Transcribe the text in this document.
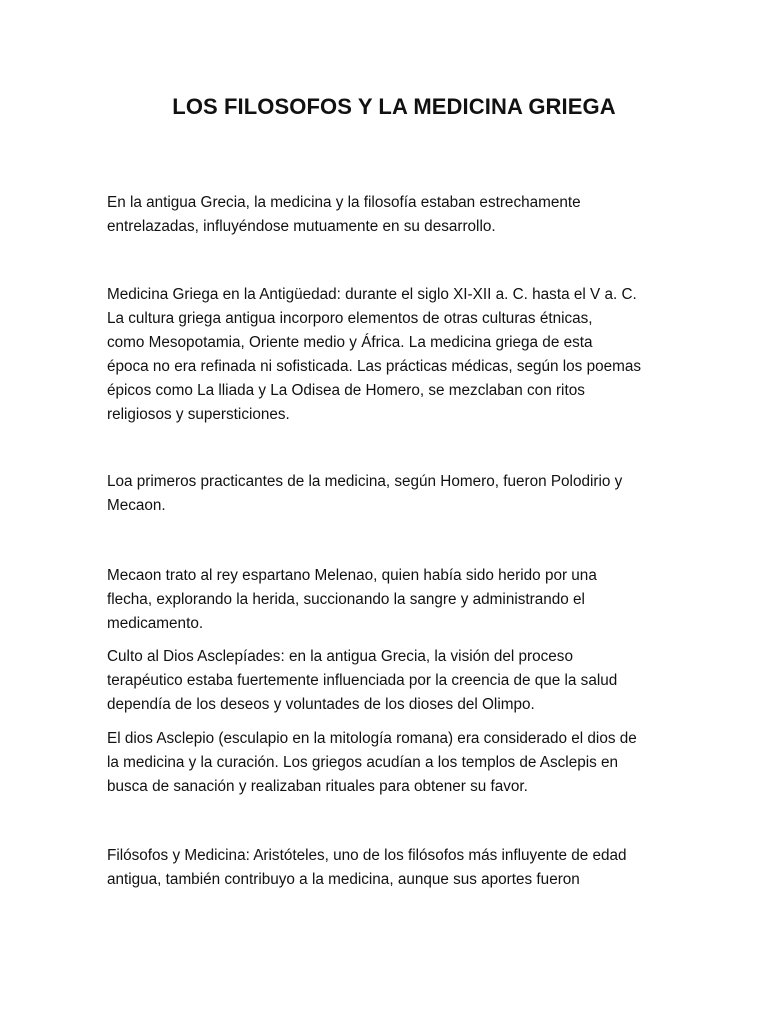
LOS FILOSOFOS Y LA MEDICINA GRIEGA

En la antigua Grecia, la medicina y la filosofía estaban estrechamente
entrelazadas, influyéndose mutuamente en su desarrollo.

Medicina Griega en la Antigüedad: durante el siglo XI-XII a. C. hasta el V a. C.
La cultura griega antigua incorporo elementos de otras culturas étnicas,
como Mesopotamia, Oriente medio y África. La medicina griega de esta
época no era refinada ni sofisticada. Las prácticas médicas, según los poemas
épicos como La lliada y La Odisea de Homero, se mezclaban con ritos
religiosos y supersticiones.

Loa primeros practicantes de la medicina, según Homero, fueron Polodirio y
Mecaon.

Mecaon trato al rey espartano Melenao, quien había sido herido por una
flecha, explorando la herida, succionando la sangre y administrando el
medicamento.

Culto al Dios Asclepíades: en la antigua Grecia, la visión del proceso
terapéutico estaba fuertemente influenciada por la creencia de que la salud
dependía de los deseos y voluntades de los dioses del Olimpo.

El dios Asclepio (esculapio en la mitología romana) era considerado el dios de
la medicina y la curación. Los griegos acudían a los templos de Asclepis en
busca de sanación y realizaban rituales para obtener su favor.

Filósofos y Medicina: Aristóteles, uno de los filósofos más influyente de edad
antigua, también contribuyo a la medicina, aunque sus aportes fueron
